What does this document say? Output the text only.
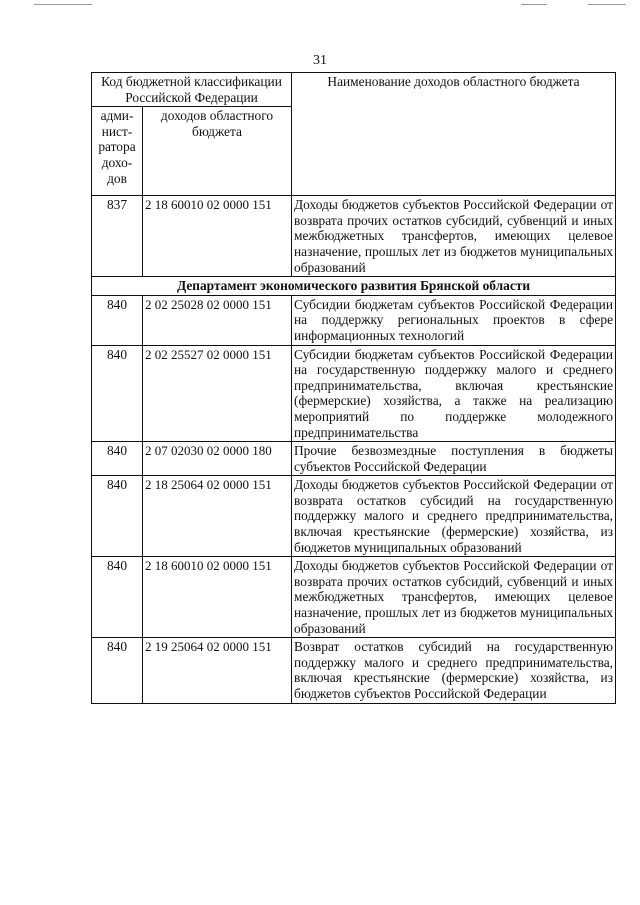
31
Код бюджетной классификации Российской Федерации		Наименование доходов областного бюджета
адми-нист-ратора дохо-дов	доходов областного бюджета	
837	2 18 60010 02 0000 151	Доходы бюджетов субъектов Российской Федерации от возврата прочих остатков субсидий, субвенций и иных межбюджетных трансфертов, имеющих целевое назначение, прошлых лет из бюджетов муниципальных образований
Департамент экономического развития Брянской области		
840	2 02 25028 02 0000 151	Субсидии бюджетам субъектов Российской Федерации на поддержку региональных проектов в сфере информационных технологий
840	2 02 25527 02 0000 151	Субсидии бюджетам субъектов Российской Федерации на государственную поддержку малого и среднего предпринимательства, включая крестьянские (фермерские) хозяйства, а также на реализацию мероприятий по поддержке молодежного предпринимательства
840	2 07 02030 02 0000 180	Прочие безвозмездные поступления в бюджеты субъектов Российской Федерации
840	2 18 25064 02 0000 151	Доходы бюджетов субъектов Российской Федерации от возврата остатков субсидий на государственную поддержку малого и среднего предпринимательства, включая крестьянские (фермерские) хозяйства, из бюджетов муниципальных образований
840	2 18 60010 02 0000 151	Доходы бюджетов субъектов Российской Федерации от возврата прочих остатков субсидий, субвенций и иных межбюджетных трансфертов, имеющих целевое назначение, прошлых лет из бюджетов муниципальных образований
840	2 19 25064 02 0000 151	Возврат остатков субсидий на государственную поддержку малого и среднего предпринимательства, включая крестьянские (фермерские) хозяйства, из бюджетов субъектов Российской Федерации
